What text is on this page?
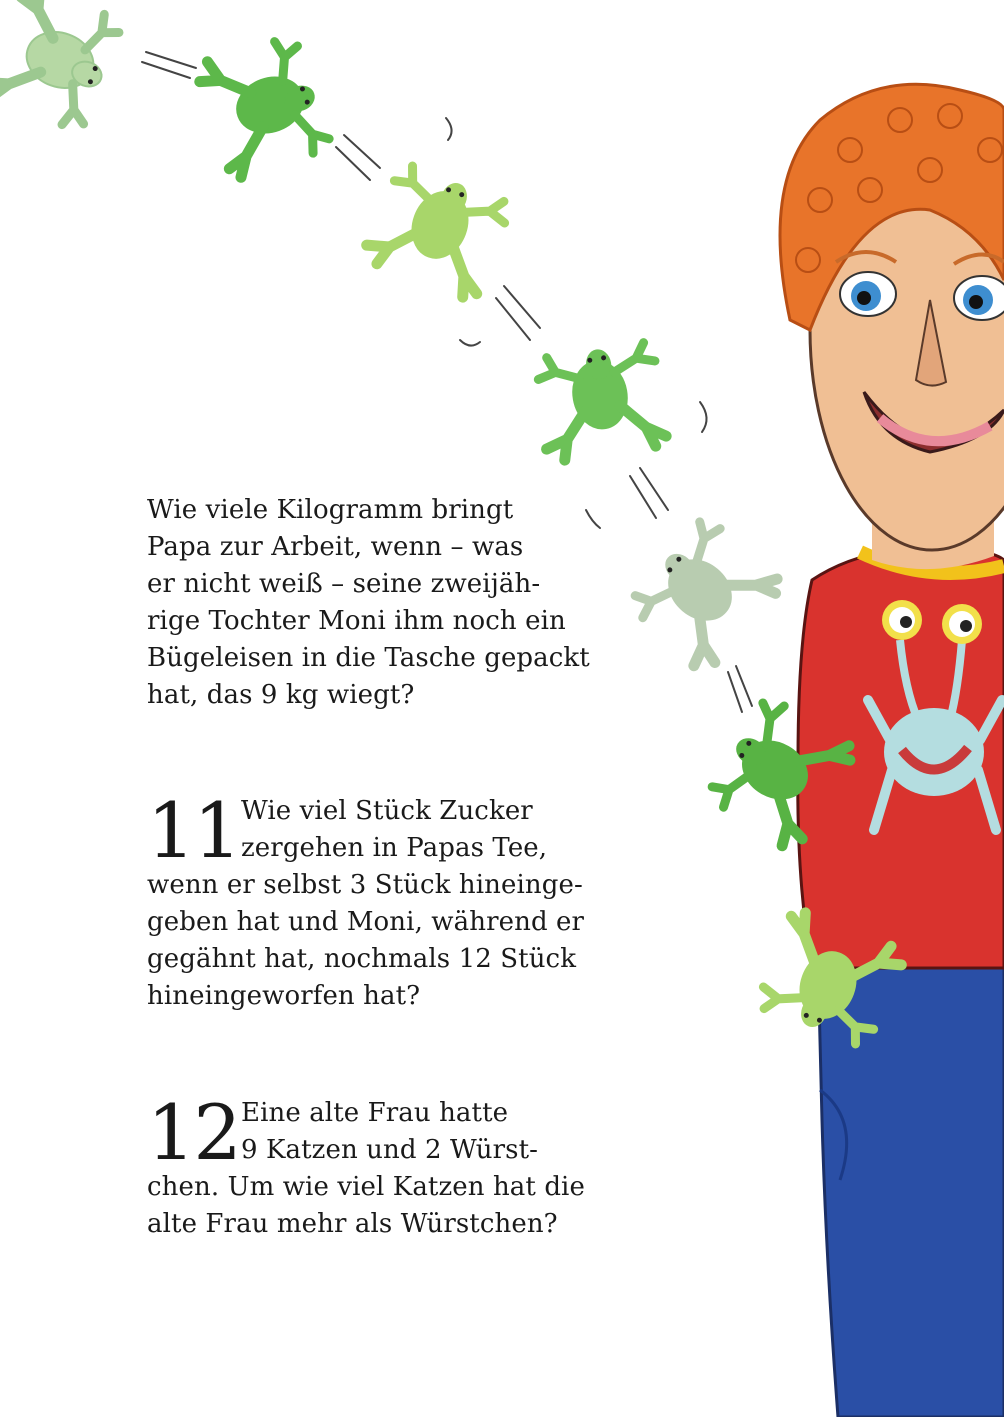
Wie viele Kilogramm bringt
Papa zur Arbeit, wenn – was
er nicht weiß – seine zweijäh-
rige Tochter Moni ihm noch ein
Bügeleisen in die Tasche gepackt
hat, das 9 kg wiegt?
11 Wie viel Stück Zucker
zergehen in Papas Tee,
wenn er selbst 3 Stück hineinge-
geben hat und Moni, während er
gegähnt hat, nochmals 12 Stück
hineingeworfen hat?
12 Eine alte Frau hatte
9 Katzen und 2 Würst-
chen. Um wie viel Katzen hat die
alte Frau mehr als Würstchen?
